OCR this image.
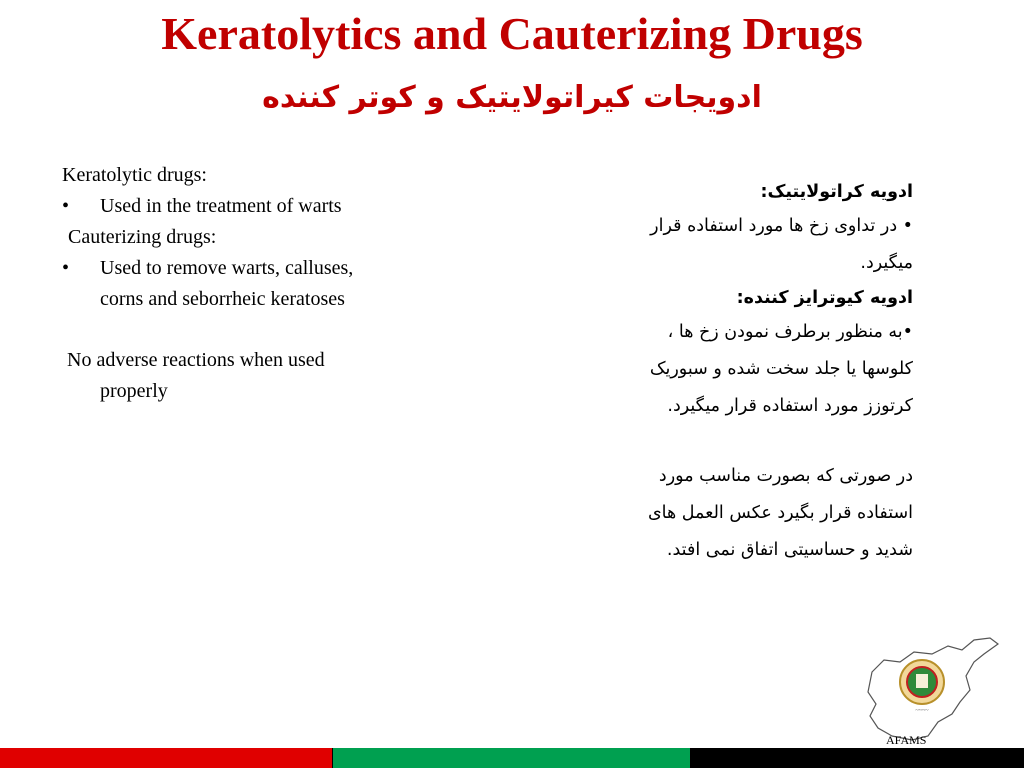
Keratolytics and Cauterizing Drugs
ادویجات کیراتولایتیک و کوتر کننده

Keratolytic drugs:

•	Used in the treatment of warts

Cauterizing drugs:

•	Used to remove warts, calluses, corns and seborrheic keratoses

No adverse reactions when used properly

ادویه کراتولایتیک:

• در تداوی زخ ها مورد استفاده قرار

میگیرد.

ادویه کیوترایز کننده:

•به منظور برطرف نمودن زخ ها ،

کلوسها یا جلد سخت شده و سبوریک

کرتوزز مورد استفاده قرار میگیرد.

در صورتی که بصورت مناسب مورد

استفاده قرار بگیرد عکس العمل های

شدید و حساسیتی اتفاق نمی افتد.

~~~~
AFAMS
